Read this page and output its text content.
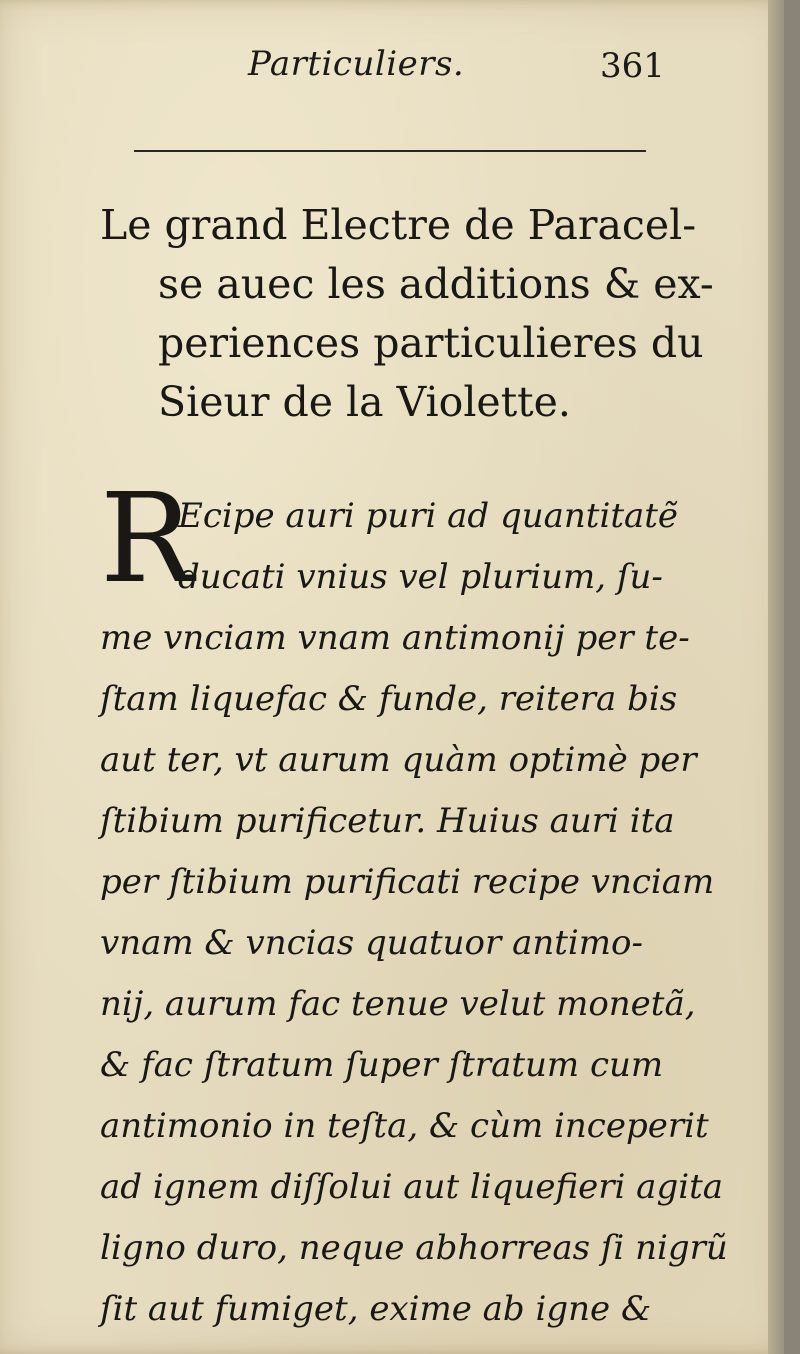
Particuliers.	361
Le grand Electre de Paracel-
se auec les additions & ex-
periences particulieres du
Sieur de la Violette.
R
Ecipe auri puri ad quantitatẽ
ducati vnius vel plurium, ſu-
me vnciam vnam antimonij per te-
ſtam liquefac & funde, reitera bis
aut ter, vt aurum quàm optimè per
ſtibium purificetur. Huius auri ita
per ſtibium purificati recipe vnciam
vnam & vncias quatuor antimo-
nij, aurum fac tenue velut monetã,
& fac ſtratum ſuper ſtratum cum
antimonio in teſta, & cùm inceperit
ad ignem diſſolui aut liquefieri agita
ligno duro, neque abhorreas ſi nigrũ
ſit aut fumiget, exime ab igne &
